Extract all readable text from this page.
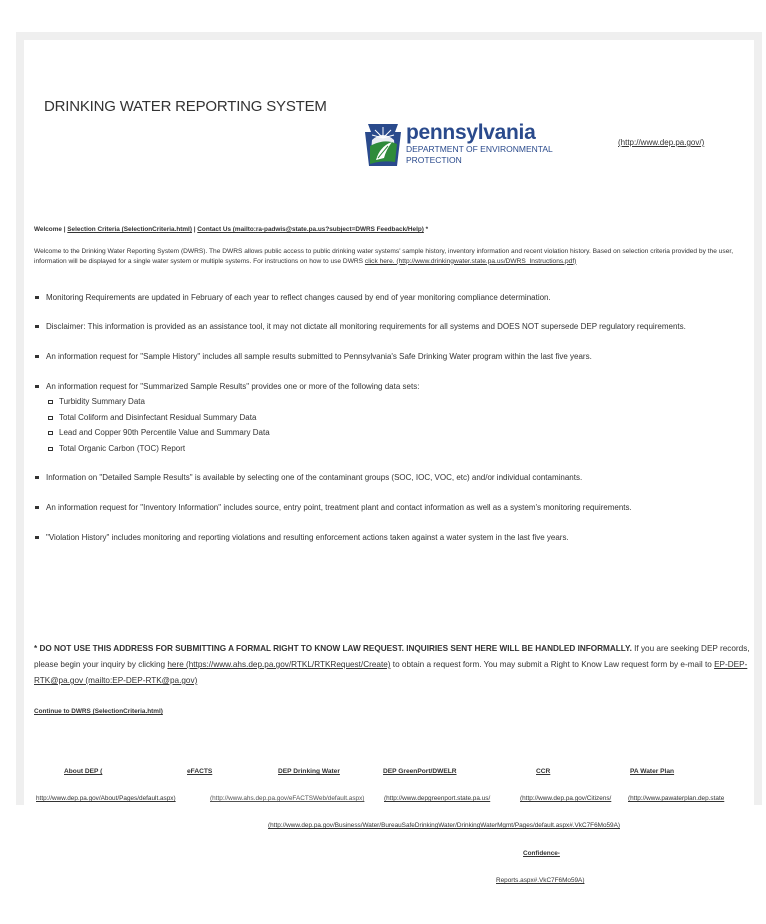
DRINKING WATER REPORTING SYSTEM
pennsylvania
DEPARTMENT OF ENVIRONMENTAL
PROTECTION
(http://www.dep.pa.gov/)
Welcome | Selection Criteria (SelectionCriteria.html) | Contact Us (mailto:ra-padwis@state.pa.us?subject=DWRS Feedback/Help) *
Welcome to the Drinking Water Reporting System (DWRS). The DWRS allows public access to public drinking water systems' sample history, inventory information and recent violation history. Based on selection criteria provided by the user, information will be displayed for a single water system or multiple systems. For instructions on how to use DWRS click here. (http://www.drinkingwater.state.pa.us/DWRS_Instructions.pdf)
Monitoring Requirements are updated in February of each year to reflect changes caused by end of year monitoring compliance determination.
Disclaimer: This information is provided as an assistance tool, it may not dictate all monitoring requirements for all systems and DOES NOT supersede DEP regulatory requirements.
An information request for "Sample History" includes all sample results submitted to Pennsylvania's Safe Drinking Water program within the last five years.
An information request for "Summarized Sample Results" provides one or more of the following data sets:
Turbidity Summary Data
Total Coliform and Disinfectant Residual Summary Data
Lead and Copper 90th Percentile Value and Summary Data
Total Organic Carbon (TOC) Report
Information on "Detailed Sample Results" is available by selecting one of the contaminant groups (SOC, IOC, VOC, etc) and/or individual contaminants.
An information request for "Inventory Information" includes source, entry point, treatment plant and contact information as well as a system's monitoring requirements.
"Violation History" includes monitoring and reporting violations and resulting enforcement actions taken against a water system in the last five years.
* DO NOT USE THIS ADDRESS FOR SUBMITTING A FORMAL RIGHT TO KNOW LAW REQUEST. INQUIRIES SENT HERE WILL BE HANDLED INFORMALLY. If you are seeking DEP records, please begin your inquiry by clicking here (https://www.ahs.dep.pa.gov/RTKL/RTKRequest/Create) to obtain a request form. You may submit a Right to Know Law request form by e-mail to EP-DEP-RTK@pa.gov (mailto:EP-DEP-RTK@pa.gov)
Continue to DWRS (SelectionCriteria.html)
About DEP (	eFACTS	DEP Drinking Water	DEP GreenPort/DWELR	CCR	PA Water Plan
http://www.dep.pa.gov/About/Pages/default.aspx)	(http://www.ahs.dep.pa.gov/eFACTSWeb/default.aspx)	(http://www.depgreenport.state.pa.us/	(http://www.dep.pa.gov/Citizens/	(http://www.pawaterplan.dep.state
(http://www.dep.pa.gov/Business/Water/BureauSafeDrinkingWater/DrinkingWaterMgmt/Pages/default.aspx#.VkC7F6Mo59A)
Confidence-
Reports.aspx#.VkC7F6Mo59A)
